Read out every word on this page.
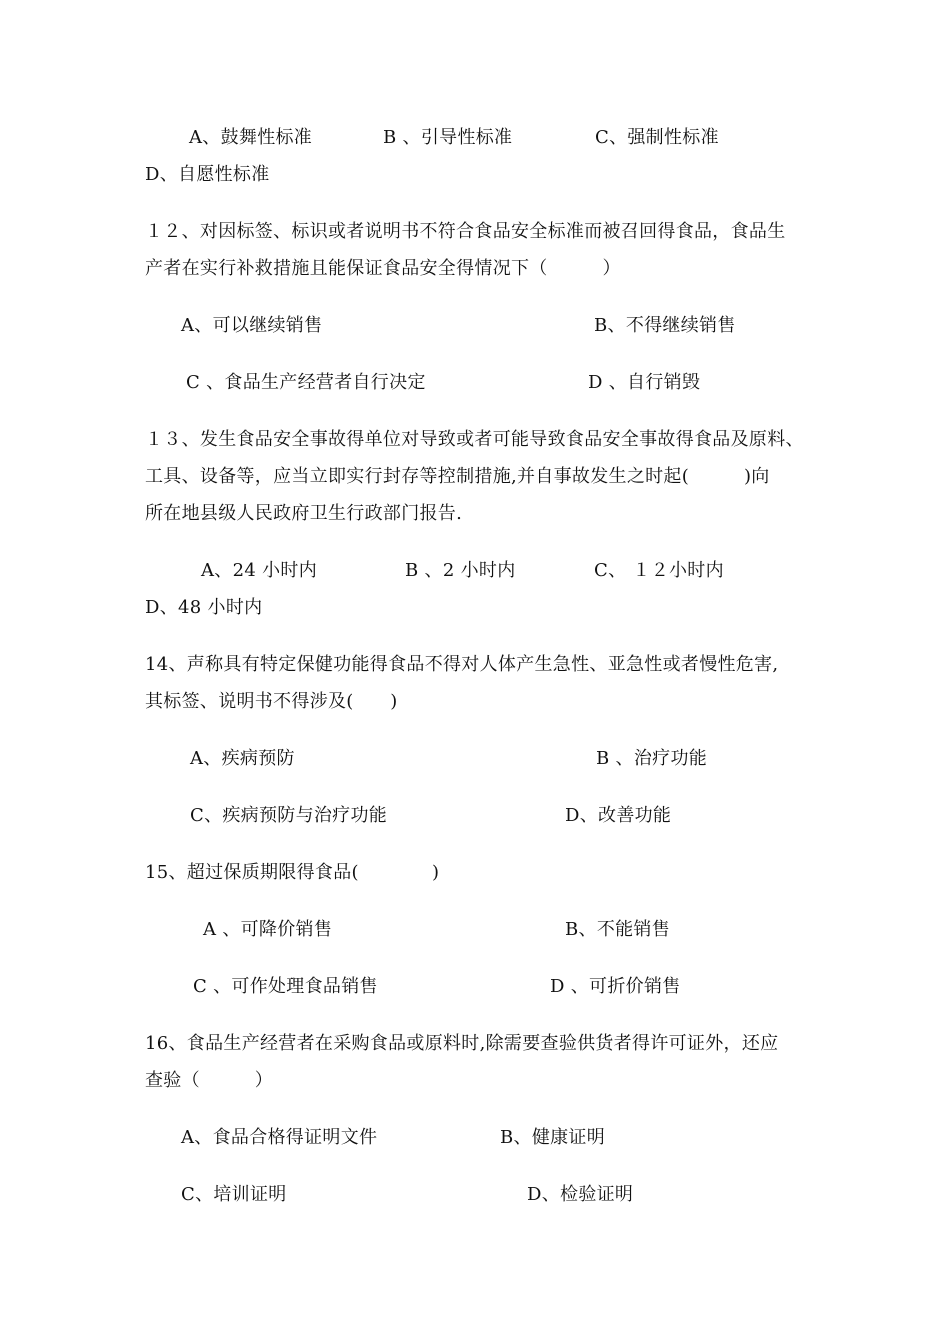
A、鼓舞性标准	B 、引导性标准	C、强制性标准
D、自愿性标准
１２、对因标签、标识或者说明书不符合食品安全标准而被召回得食品，食品生
产者在实行补救措施且能保证食品安全得情况下（　　　）
A、可以继续销售	B、不得继续销售
C 、食品生产经营者自行决定	D 、自行销毁
１３、发生食品安全事故得单位对导致或者可能导致食品安全事故得食品及原料、
工具、设备等，应当立即实行封存等控制措施,并自事故发生之时起(　　　)向
所在地县级人民政府卫生行政部门报告.
A、24 小时内	B 、2 小时内	C、 １２小时内
D、48 小时内
14、声称具有特定保健功能得食品不得对人体产生急性、亚急性或者慢性危害,
其标签、说明书不得涉及(　　)
A、疾病预防	B 、治疗功能
C、疾病预防与治疗功能	D、改善功能
15、超过保质期限得食品(　　　　)
A 、可降价销售	B、不能销售
C 、可作处理食品销售	D 、可折价销售
16、食品生产经营者在采购食品或原料时,除需要查验供货者得许可证外，还应
查验（　　　）
A、食品合格得证明文件	B、健康证明
C、培训证明	D、检验证明
